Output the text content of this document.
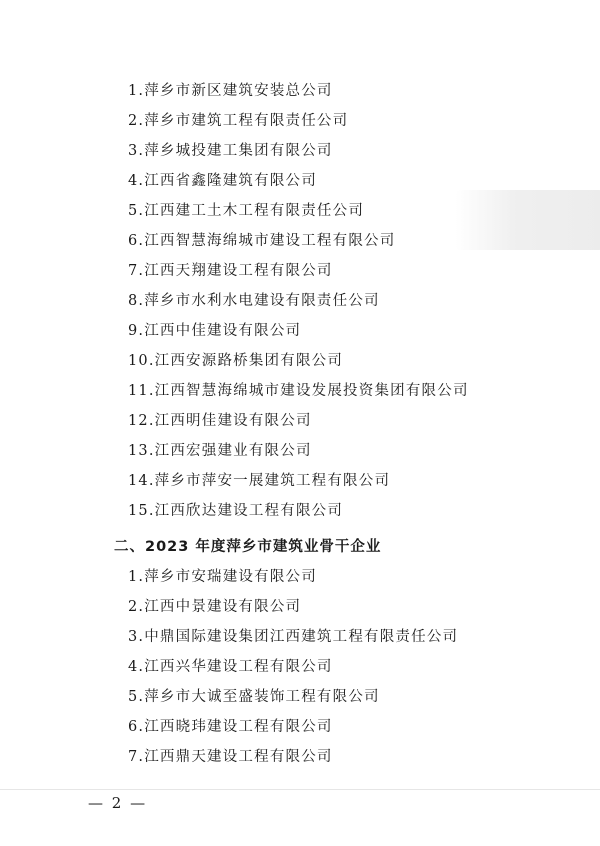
1.萍乡市新区建筑安装总公司
2.萍乡市建筑工程有限责任公司
3.萍乡城投建工集团有限公司
4.江西省鑫隆建筑有限公司
5.江西建工土木工程有限责任公司
6.江西智慧海绵城市建设工程有限公司
7.江西天翔建设工程有限公司
8.萍乡市水利水电建设有限责任公司
9.江西中佳建设有限公司
10.江西安源路桥集团有限公司
11.江西智慧海绵城市建设发展投资集团有限公司
12.江西明佳建设有限公司
13.江西宏强建业有限公司
14.萍乡市萍安一展建筑工程有限公司
15.江西欣达建设工程有限公司
二、2023 年度萍乡市建筑业骨干企业
1.萍乡市安瑞建设有限公司
2.江西中景建设有限公司
3.中鼎国际建设集团江西建筑工程有限责任公司
4.江西兴华建设工程有限公司
5.萍乡市大诚至盛装饰工程有限公司
6.江西晓玮建设工程有限公司
7.江西鼎天建设工程有限公司
— 2 —
